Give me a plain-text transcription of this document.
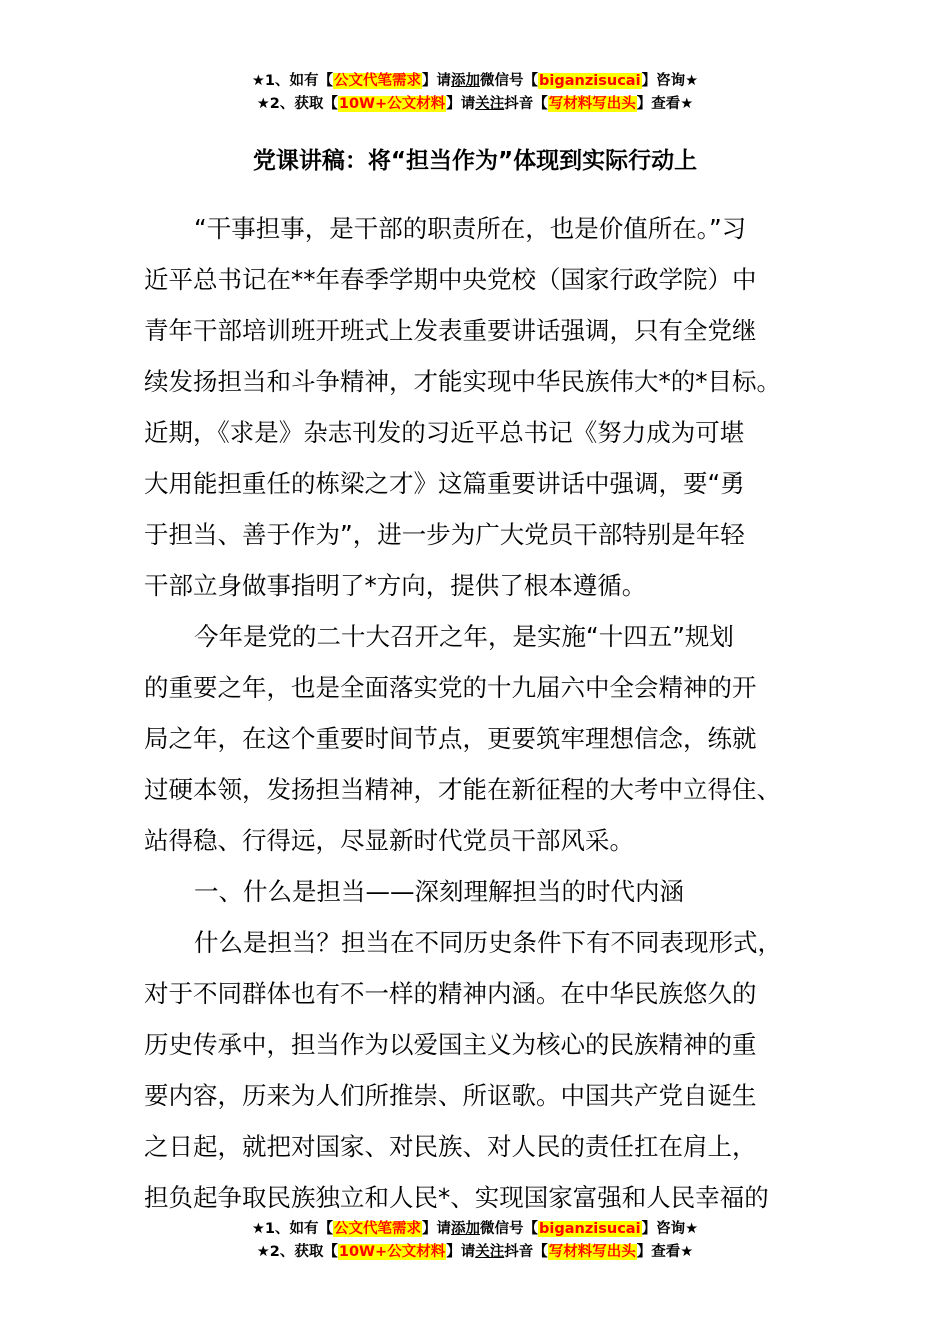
★1、如有【公文代笔需求】请添加微信号【biganzisucai】咨询★
★2、获取【10W+公文材料】请关注抖音【写材料写出头】查看★
党课讲稿：将“担当作为”体现到实际行动上
“干事担事，是干部的职责所在，也是价值所在。”习
近平总书记在**年春季学期中央党校（国家行政学院）中
青年干部培训班开班式上发表重要讲话强调，只有全党继
续发扬担当和斗争精神，才能实现中华民族伟大*的*目标。
近期，《求是》杂志刊发的习近平总书记《努力成为可堪
大用能担重任的栋梁之才》这篇重要讲话中强调，要“勇
于担当、善于作为”，进一步为广大党员干部特别是年轻
干部立身做事指明了*方向，提供了根本遵循。
今年是党的二十大召开之年，是实施“十四五”规划
的重要之年，也是全面落实党的十九届六中全会精神的开
局之年，在这个重要时间节点，更要筑牢理想信念，练就
过硬本领，发扬担当精神，才能在新征程的大考中立得住、
站得稳、行得远，尽显新时代党员干部风采。
一、什么是担当——深刻理解担当的时代内涵
什么是担当？担当在不同历史条件下有不同表现形式，
对于不同群体也有不一样的精神内涵。在中华民族悠久的
历史传承中，担当作为以爱国主义为核心的民族精神的重
要内容，历来为人们所推崇、所讴歌。中国共产党自诞生
之日起，就把对国家、对民族、对人民的责任扛在肩上，
担负起争取民族独立和人民*、实现国家富强和人民幸福的
★1、如有【公文代笔需求】请添加微信号【biganzisucai】咨询★
★2、获取【10W+公文材料】请关注抖音【写材料写出头】查看★
